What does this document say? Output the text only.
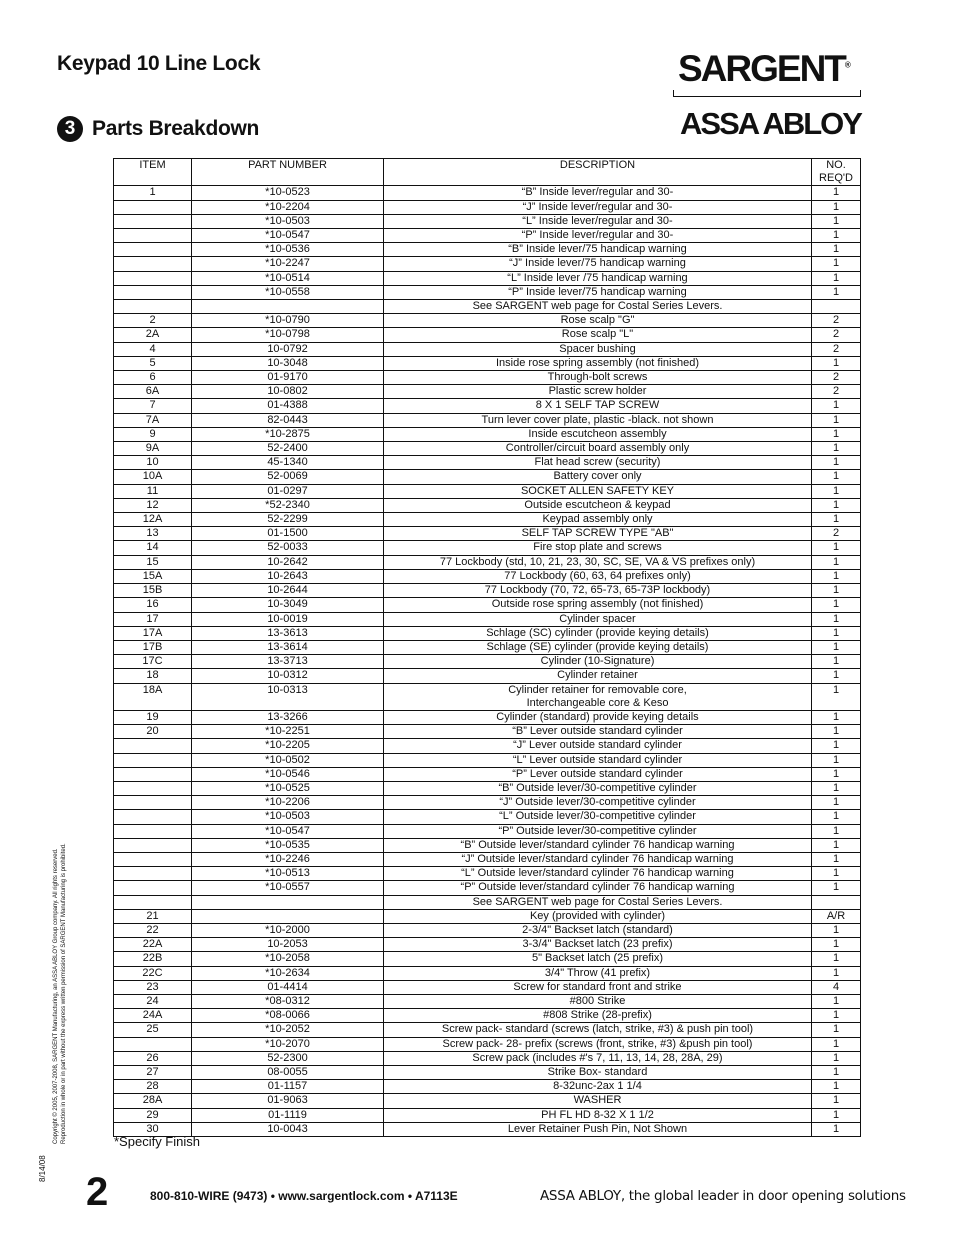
Keypad 10 Line Lock
3 Parts Breakdown
SARGENT®
ASSA ABLOY
ITEM	PART NUMBER	DESCRIPTION	NO. REQ'D
1	*10-0523	“B” Inside lever/regular and 30-	1
	*10-2204	“J” Inside lever/regular and 30-	1
	*10-0503	“L” Inside lever/regular and 30-	1
	*10-0547	“P” Inside lever/regular and 30-	1
	*10-0536	“B” Inside lever/75 handicap warning	1
	*10-2247	“J” Inside lever/75 handicap warning	1
	*10-0514	“L” Inside lever /75 handicap warning	1
	*10-0558	“P” Inside lever/75 handicap warning	1
		See SARGENT web page for Costal Series Levers.	
2	*10-0790	Rose scalp "G"	2
2A	*10-0798	Rose scalp "L"	2
4	10-0792	Spacer bushing	2
5	10-3048	Inside rose spring assembly (not finished)	1
6	01-9170	Through-bolt screws	2
6A	10-0802	Plastic screw holder	2
7	01-4388	8 X 1 SELF TAP SCREW	1
7A	82-0443	Turn lever cover plate, plastic -black. not shown	1
9	*10-2875	Inside escutcheon assembly	1
9A	52-2400	Controller/circuit board assembly only	1
10	45-1340	Flat head screw (security)	1
10A	52-0069	Battery cover only	1
11	01-0297	SOCKET ALLEN SAFETY KEY	1
12	*52-2340	Outside escutcheon & keypad	1
12A	52-2299	Keypad assembly only	1
13	01-1500	SELF TAP SCREW TYPE "AB"	2
14	52-0033	Fire stop plate and screws	1
15	10-2642	77 Lockbody (std, 10, 21, 23, 30, SC, SE, VA & VS prefixes only)	1
15A	10-2643	77 Lockbody (60, 63, 64 prefixes only)	1
15B	10-2644	77 Lockbody (70, 72, 65-73, 65-73P lockbody)	1
16	10-3049	Outside rose spring assembly (not finished)	1
17	10-0019	Cylinder spacer	1
17A	13-3613	Schlage (SC) cylinder (provide keying details)	1
17B	13-3614	Schlage (SE) cylinder (provide keying details)	1
17C	13-3713	Cylinder (10-Signature)	1
18	10-0312	Cylinder retainer	1
18A	10-0313	Cylinder retainer for removable core,
Interchangeable core & Keso	1
19	13-3266	Cylinder (standard) provide keying details	1
20	*10-2251	“B” Lever outside standard cylinder	1
	*10-2205	“J” Lever outside standard cylinder	1
	*10-0502	“L” Lever outside standard cylinder	1
	*10-0546	“P” Lever outside standard cylinder	1
	*10-0525	“B” Outside lever/30-competitive cylinder	1
	*10-2206	“J” Outside lever/30-competitive cylinder	1
	*10-0503	“L” Outside lever/30-competitive cylinder	1
	*10-0547	“P” Outside lever/30-competitive cylinder	1
	*10-0535	“B” Outside lever/standard cylinder 76 handicap warning	1
	*10-2246	“J” Outside lever/standard cylinder 76 handicap warning	1
	*10-0513	“L” Outside lever/standard cylinder 76 handicap warning	1
	*10-0557	“P” Outside lever/standard cylinder 76 handicap warning	1
		See SARGENT web page for Costal Series Levers.	
21		Key (provided with cylinder)	A/R
22	*10-2000	2-3/4" Backset latch (standard)	1
22A	10-2053	3-3/4" Backset latch (23 prefix)	1
22B	*10-2058	5" Backset latch (25 prefix)	1
22C	*10-2634	3/4" Throw (41 prefix)	1
23	01-4414	Screw for standard front and strike	4
24	*08-0312	#800 Strike	1
24A	*08-0066	#808 Strike (28-prefix)	1
25	*10-2052	Screw pack- standard (screws (latch, strike, #3) & push pin tool)	1
	*10-2070	Screw pack- 28- prefix (screws (front, strike, #3) &push pin tool)	1
26	52-2300	Screw pack (includes #'s 7, 11, 13, 14, 28, 28A, 29)	1
27	08-0055	Strike Box- standard	1
28	01-1157	8-32unc-2ax 1 1/4	1
28A	01-9063	WASHER	1
29	01-1119	PH FL HD 8-32 X 1 1/2	1
30	10-0043	Lever Retainer Push Pin, Not Shown	1
*Specify Finish
Copyright © 2005, 2007-2008, SARGENT Manufacturing, an ASSA ABLOY Group company. All rights reserved.
Reproduction in whole or in part without the express written permission of SARGENT Manufacturing is prohibited.
8/14/08
2	800-810-WIRE (9473) • www.sargentlock.com • A7113E	ASSA ABLOY, the global leader in door opening solutions
